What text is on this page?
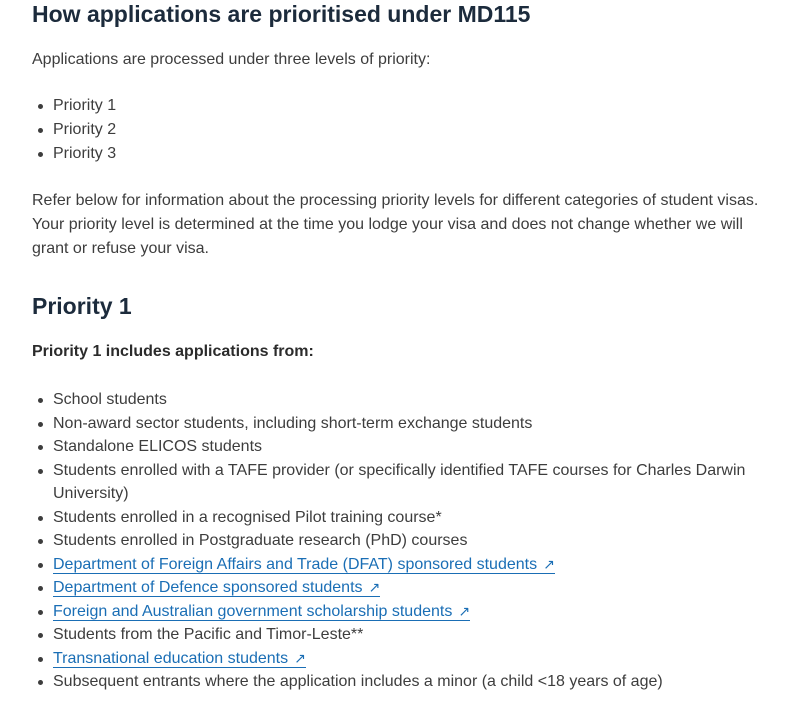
How applications are prioritised under MD115

Applications are processed under three levels of priority:

Priority 1
Priority 2
Priority 3

Refer below for information about the processing priority levels for different categories of student visas.
Your priority level is determined at the time you lodge your visa and does not change whether we will
grant or refuse your visa.

Priority 1

Priority 1 includes applications from:

School students
Non-award sector students, including short-term exchange students
Standalone ELICOS students
Students enrolled with a TAFE provider (or specifically identified TAFE courses for Charles Darwin University)
Students enrolled in a recognised Pilot training course*
Students enrolled in Postgraduate research (PhD) courses
Department of Foreign Affairs and Trade (DFAT) sponsored students ↗
Department of Defence sponsored students ↗
Foreign and Australian government scholarship students ↗
Students from the Pacific and Timor-Leste**
Transnational education students ↗
Subsequent entrants where the application includes a minor (a child <18 years of age)
